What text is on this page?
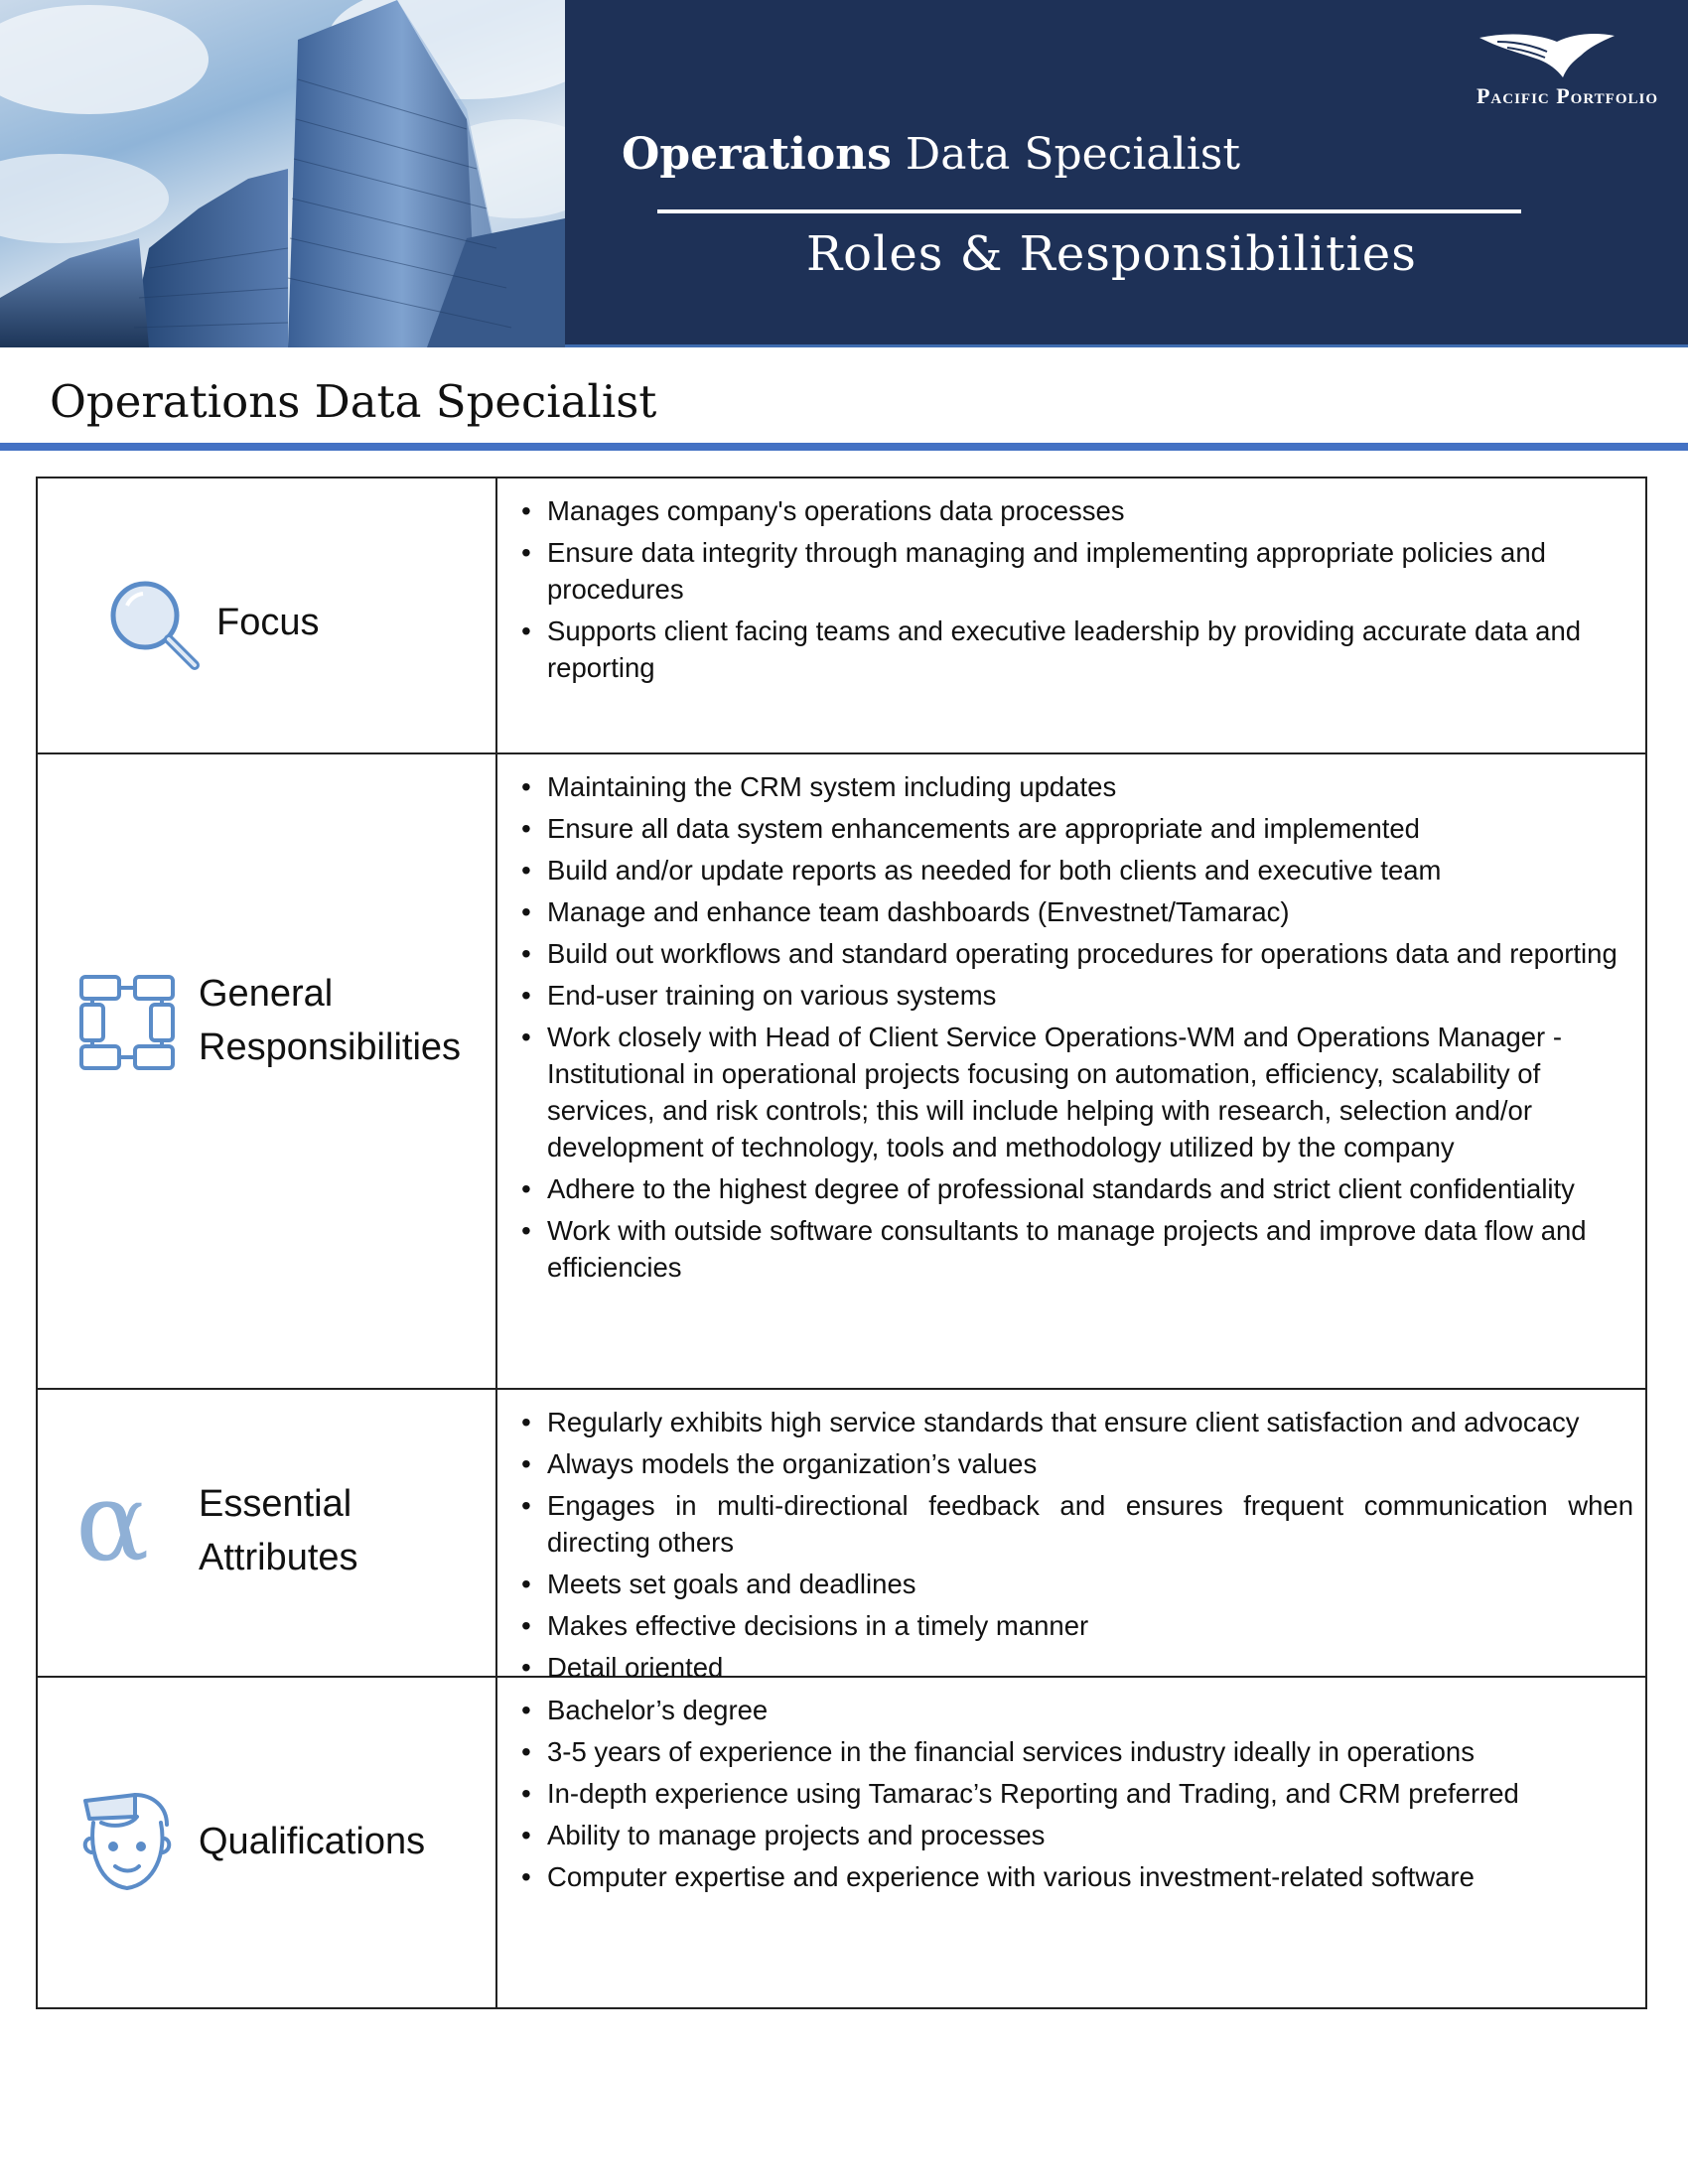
Pacific Portfolio
Operations Data Specialist
Roles & Responsibilities
Operations Data Specialist
Focus
• Manages company's operations data processes
• Ensure data integrity through managing and implementing appropriate policies and procedures
• Supports client facing teams and executive leadership by providing accurate data and reporting
General
Responsibilities
• Maintaining the CRM system including updates
• Ensure all data system enhancements are appropriate and implemented
• Build and/or update reports as needed for both clients and executive team
• Manage and enhance team dashboards (Envestnet/Tamarac)
• Build out workflows and standard operating procedures for operations data and reporting
• End-user training on various systems
• Work closely with Head of Client Service Operations-WM and Operations Manager - Institutional in operational projects focusing on automation, efficiency, scalability of services, and risk controls; this will include helping with research, selection and/or development of technology, tools and methodology utilized by the company
• Adhere to the highest degree of professional standards and strict client confidentiality
• Work with outside software consultants to manage projects and improve data flow and efficiencies
α Essential
Attributes
• Regularly exhibits high service standards that ensure client satisfaction and advocacy
• Always models the organization’s values
• Engages in multi-directional feedback and ensures frequent communication when directing others
• Meets set goals and deadlines
• Makes effective decisions in a timely manner
• Detail oriented
Qualifications
• Bachelor’s degree
• 3-5 years of experience in the financial services industry ideally in operations
• In-depth experience using Tamarac’s Reporting and Trading, and CRM preferred
• Ability to manage projects and processes
• Computer expertise and experience with various investment-related software
